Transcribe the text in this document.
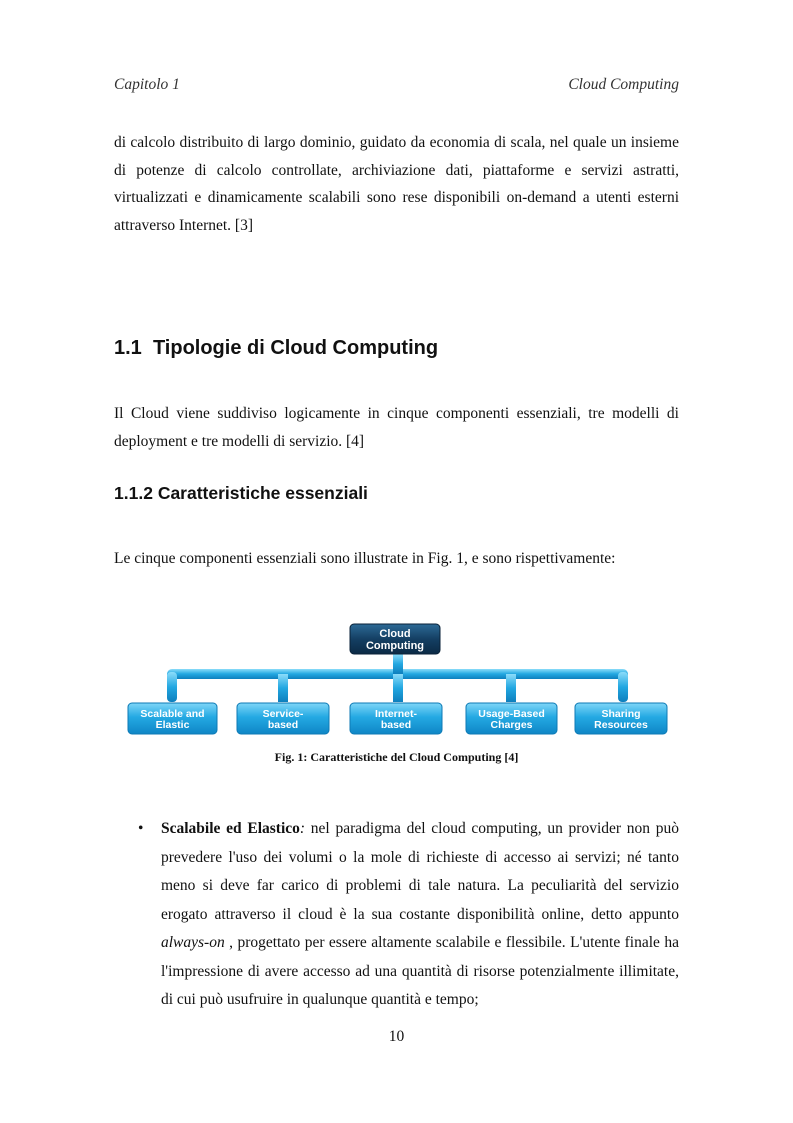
Capitolo 1	Cloud Computing

di calcolo distribuito di largo dominio, guidato da economia di scala, nel quale un insieme di potenze di calcolo controllate, archiviazione dati, piattaforme e servizi astratti, virtualizzati e dinamicamente scalabili sono rese disponibili on-demand a utenti esterni attraverso Internet. [3]

1.1 Tipologie di Cloud Computing

Il Cloud viene suddiviso logicamente in cinque componenti essenziali, tre modelli di deployment e tre modelli di servizio. [4]

1.1.2 Caratteristiche essenziali

Le cinque componenti essenziali sono illustrate in Fig. 1, e sono rispettivamente:

Cloud
Computing
Scalable and
Elastic
Service-
based
Internet-
based
Usage-Based
Charges
Sharing
Resources
Fig. 1: Caratteristiche del Cloud Computing [4]
• Scalabile ed Elastico: nel paradigma del cloud computing, un provider non può prevedere l'uso dei volumi o la mole di richieste di accesso ai servizi; né tanto meno si deve far carico di problemi di tale natura. La peculiarità del servizio erogato attraverso il cloud è la sua costante disponibilità online, detto appunto always-on , progettato per essere altamente scalabile e flessibile. L'utente finale ha l'impressione di avere accesso ad una quantità di risorse potenzialmente illimitate, di cui può usufruire in qualunque quantità e tempo;

10
